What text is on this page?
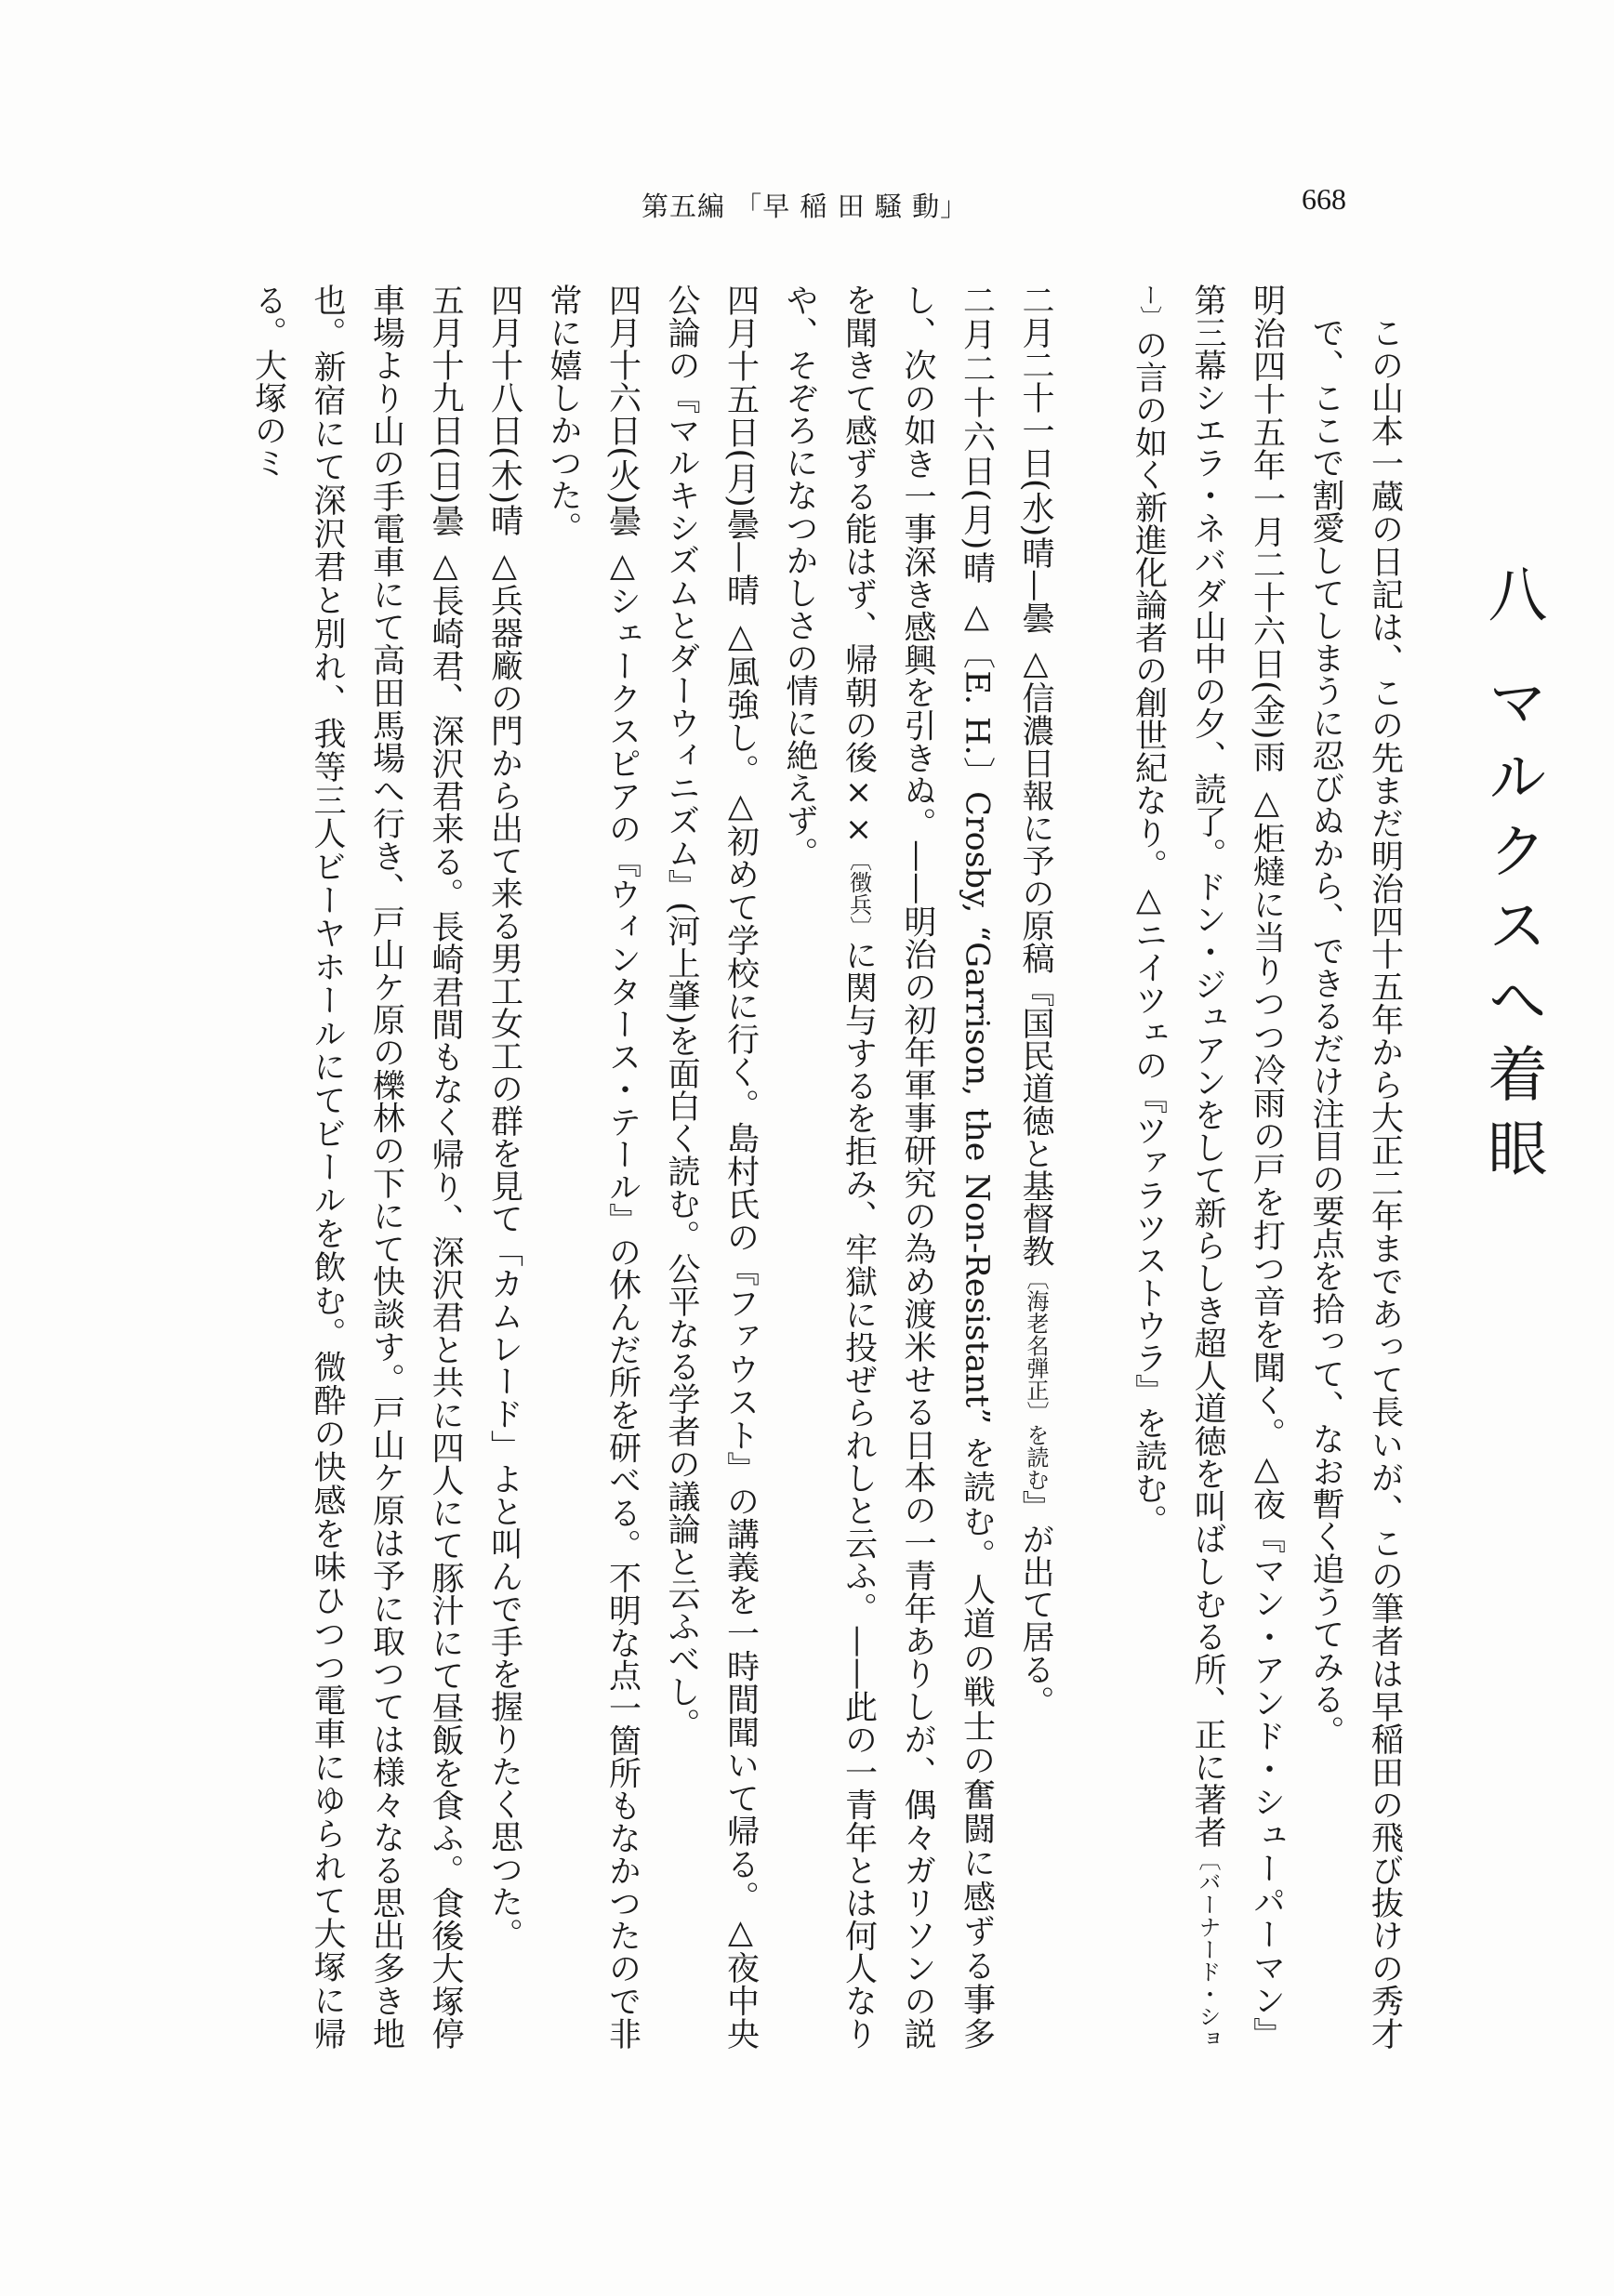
第五編 「早 稲 田 騒 動」	668

八 マルクスへ着眼

この山本一蔵の日記は、この先まだ明治四十五年から大正二年まであって長いが、この筆者は早稲田の飛び抜けの秀才で、ここで割愛してしまうに忍びぬから、できるだけ注目の要点を拾って、なお暫く追うてみる。

明治四十五年一月二十六日(金)雨 △炬燵に当りつつ冷雨の戸を打つ音を聞く。△夜『マン・アンド・シューパーマン』第三幕シエラ・ネバダ山中の夕、読了。ドン・ジュアンをして新らしき超人道徳を叫ばしむる所、正に著者〔バーナード・ショー〕の言の如く新進化論者の創世紀なり。△ニイツェの『ツァラツストウラ』を読む。

二月二十一日(水)晴—曇 △信濃日報に予の原稿『国民道徳と基督教〔海老名弾正〕を読む』が出て居る。

二月二十六日(月)晴 △〔E. H.〕Crosby, “Garrison, the Non-Resistant” を読む。人道の戦士の奮闘に感ずる事多し、次の如き一事深き感興を引きぬ。——明治の初年軍事研究の為め渡米せる日本の一青年ありしが、偶々ガリソンの説を聞きて感ずる能はず、帰朝の後××〔徴兵〕に関与するを拒み、牢獄に投ぜられしと云ふ。——此の一青年とは何人なりや、そぞろになつかしさの情に絶えず。

四月十五日(月)曇—晴 △風強し。△初めて学校に行く。島村氏の『ファウスト』の講義を一時間聞いて帰る。△夜中央公論の『マルキシズムとダーウィニズム』(河上肇)を面白く読む。公平なる学者の議論と云ふべし。

四月十六日(火)曇 △シェークスピアの『ウィンタース・テール』の休んだ所を研べる。不明な点一箇所もなかつたので非常に嬉しかつた。

四月十八日(木)晴 △兵器廠の門から出て来る男工女工の群を見て「カムレード」よと叫んで手を握りたく思つた。

五月十九日(日)曇 △長崎君、深沢君来る。長崎君間もなく帰り、深沢君と共に四人にて豚汁にて昼飯を食ふ。食後大塚停車場より山の手電車にて高田馬場へ行き、戸山ケ原の櫟林の下にて快談す。戸山ケ原は予に取つては様々なる思出多き地也。新宿にて深沢君と別れ、我等三人ビーヤホールにてビールを飲む。微酔の快感を味ひつつ電車にゆられて大塚に帰る。大塚のミ
